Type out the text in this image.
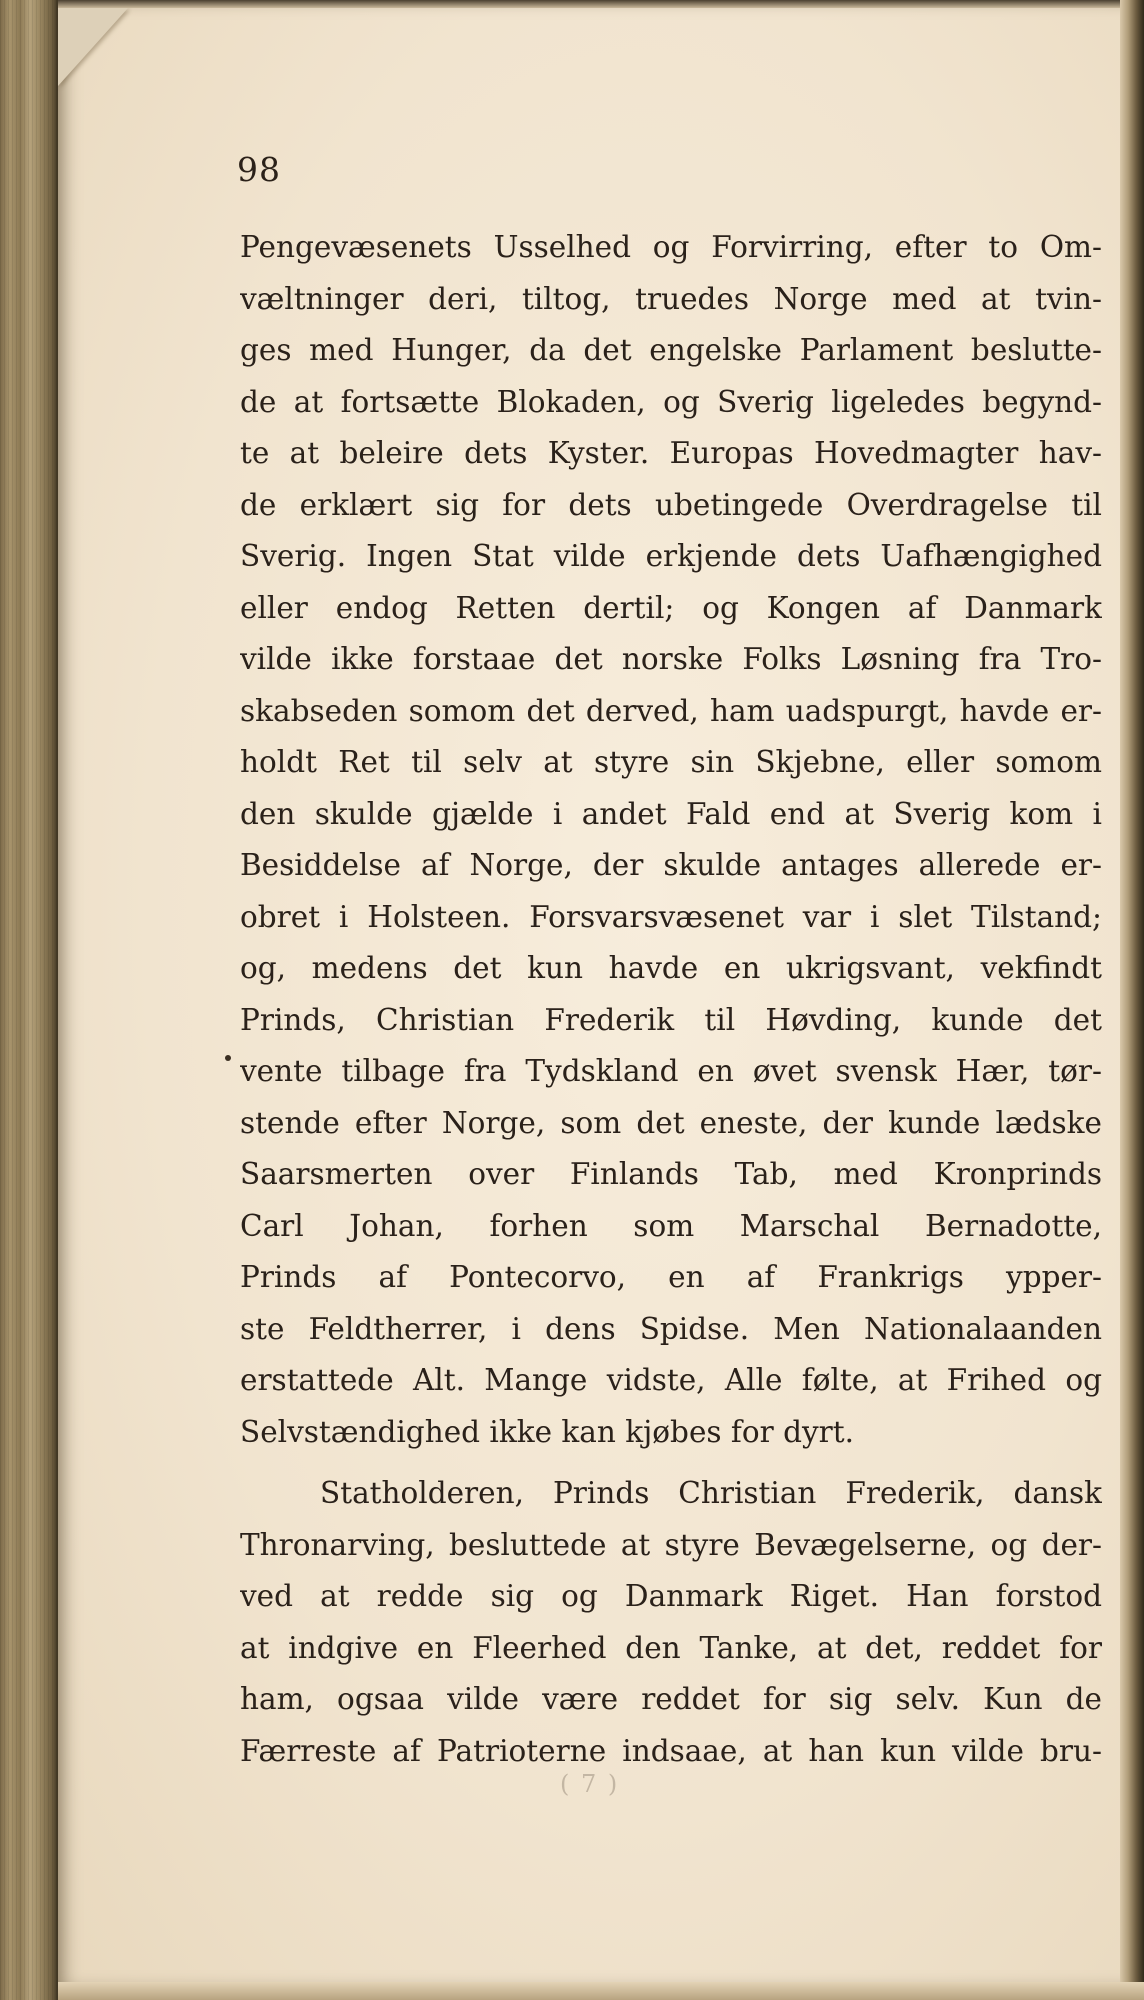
98
Pengevæsenets Usselhed og Forvirring, efter to Om-
væltninger deri, tiltog, truedes Norge med at tvin-
ges med Hunger, da det engelske Parlament beslutte-
de at fortsætte Blokaden, og Sverig ligeledes begynd-
te at beleire dets Kyster. Europas Hovedmagter hav-
de erklært sig for dets ubetingede Overdragelse til
Sverig. Ingen Stat vilde erkjende dets Uafhængighed
eller endog Retten dertil; og Kongen af Danmark
vilde ikke forstaae det norske Folks Løsning fra Tro-
skabseden somom det derved, ham uadspurgt, havde er-
holdt Ret til selv at styre sin Skjebne, eller somom
den skulde gjælde i andet Fald end at Sverig kom i
Besiddelse af Norge, der skulde antages allerede er-
obret i Holsteen. Forsvarsvæsenet var i slet Tilstand;
og, medens det kun havde en ukrigsvant, vekfindt
Prinds, Christian Frederik til Høvding, kunde det
vente tilbage fra Tydskland en øvet svensk Hær, tør-
stende efter Norge, som det eneste, der kunde lædske
Saarsmerten over Finlands Tab, med Kronprinds
Carl Johan, forhen som Marschal Bernadotte,
Prinds af Pontecorvo, en af Frankrigs ypper-
ste Feldtherrer, i dens Spidse. Men Nationalaanden
erstattede Alt. Mange vidste, Alle følte, at Frihed og
Selvstændighed ikke kan kjøbes for dyrt.
Statholderen, Prinds Christian Frederik, dansk
Thronarving, besluttede at styre Bevægelserne, og der-
ved at redde sig og Danmark Riget. Han forstod
at indgive en Fleerhed den Tanke, at det, reddet for
ham, ogsaa vilde være reddet for sig selv. Kun de
Færreste af Patrioterne indsaae, at han kun vilde bru-
( 7 )
